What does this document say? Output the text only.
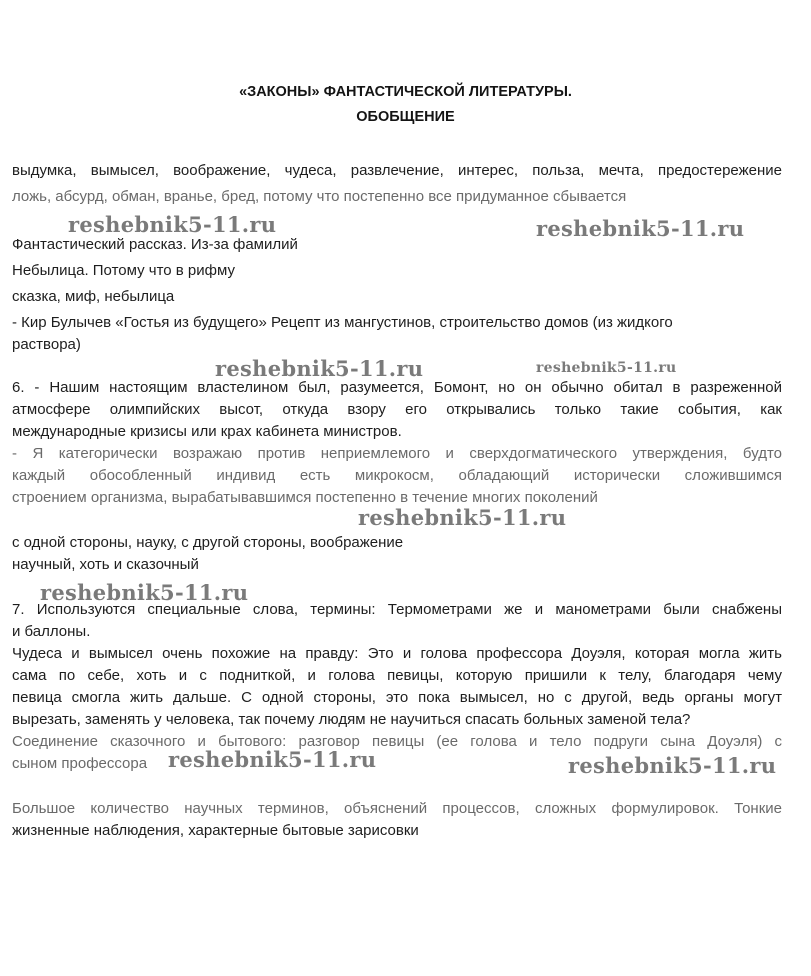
«ЗАКОНЫ» ФАНТАСТИЧЕСКОЙ ЛИТЕРАТУРЫ.
ОБОБЩЕНИЕ
выдумка, вымысел, воображение, чудеса, развлечение, интерес, польза, мечта, предостережение
ложь, абсурд, обман, вранье, бред, потому что постепенно все придуманное сбывается
Фантастический рассказ. Из-за фамилий
Небылица. Потому что в рифму
сказка, миф, небылица
- Кир Булычев «Гостья из будущего» Рецепт из мангустинов, строительство домов (из жидкого
раствора)
6. - Нашим настоящим властелином был, разумеется, Бомонт, но он обычно обитал в разреженной
атмосфере олимпийских высот, откуда взору его открывались только такие события, как
международные кризисы или крах кабинета министров.
- Я категорически возражаю против неприемлемого и сверхдогматического утверждения, будто
каждый обособленный индивид есть микрокосм, обладающий исторически сложившимся
строением организма, вырабатывавшимся постепенно в течение многих поколений
с одной стороны, науку, с другой стороны, воображение
научный, хоть и сказочный
7. Используются специальные слова, термины: Термометрами же и манометрами были снабжены
и баллоны.
Чудеса и вымысел очень похожие на правду: Это и голова профессора Доуэля, которая могла жить
сама по себе, хоть и с подниткой, и голова певицы, которую пришили к телу, благодаря чему
певица смогла жить дальше. С одной стороны, это пока вымысел, но с другой, ведь органы могут
вырезать, заменять у человека, так почему людям не научиться спасать больных заменой тела?
Соединение сказочного и бытового: разговор певицы (ее голова и тело подруги сына Доуэля) с
сыном профессора
Большое количество научных терминов, объяснений процессов, сложных формулировок. Тонкие
жизненные наблюдения, характерные бытовые зарисовки
reshebnik5-11.ru	reshebnik5-11.ru
reshebnik5-11.ru	reshebnik5-11.ru
reshebnik5-11.ru
reshebnik5-11.ru
reshebnik5-11.ru	reshebnik5-11.ru
